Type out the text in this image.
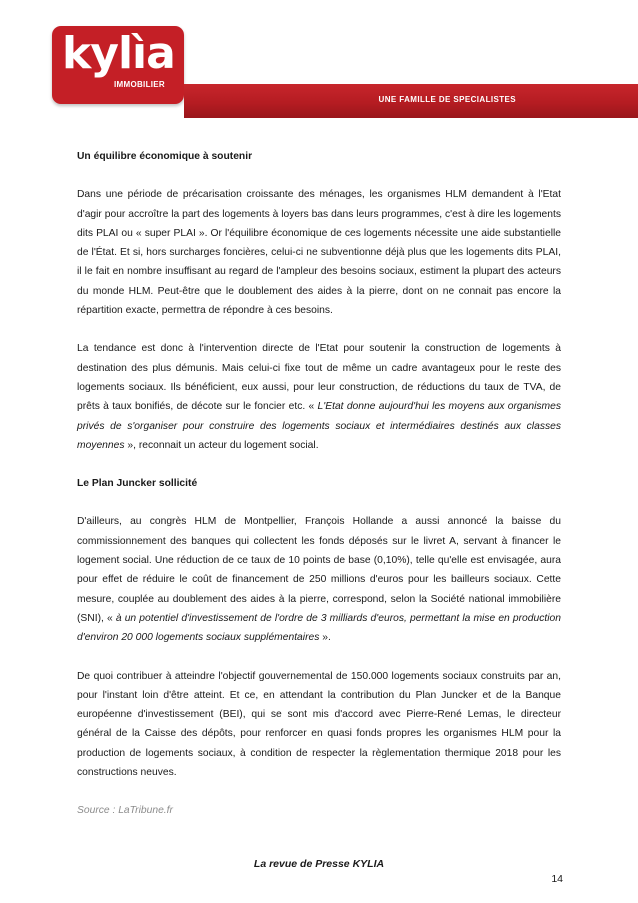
kylìa
IMMOBILIER
UNE FAMILLE DE SPECIALISTES

Un équilibre économique à soutenir

Dans une période de précarisation croissante des ménages, les organismes HLM demandent à l'Etat d'agir pour accroître la part des logements à loyers bas dans leurs programmes, c'est à dire les logements dits PLAI ou « super PLAI ». Or l'équilibre économique de ces logements nécessite une aide substantielle de l'État. Et si, hors surcharges foncières, celui-ci ne subventionne déjà plus que les logements dits PLAI, il le fait en nombre insuffisant au regard de l'ampleur des besoins sociaux, estiment la plupart des acteurs du monde HLM. Peut-être que le doublement des aides à la pierre, dont on ne connait pas encore la répartition exacte, permettra de répondre à ces besoins.

La tendance est donc à l'intervention directe de l'Etat pour soutenir la construction de logements à destination des plus démunis. Mais celui-ci fixe tout de même un cadre avantageux pour le reste des logements sociaux. Ils bénéficient, eux aussi, pour leur construction, de réductions du taux de TVA, de prêts à taux bonifiés, de décote sur le foncier etc. « L'Etat donne aujourd'hui les moyens aux organismes privés de s'organiser pour construire des logements sociaux et intermédiaires destinés aux classes moyennes », reconnait un acteur du logement social.

Le Plan Juncker sollicité

D'ailleurs, au congrès HLM de Montpellier, François Hollande a aussi annoncé la baisse du commissionnement des banques qui collectent les fonds déposés sur le livret A, servant à financer le logement social. Une réduction de ce taux de 10 points de base (0,10%), telle qu'elle est envisagée, aura pour effet de réduire le coût de financement de 250 millions d'euros pour les bailleurs sociaux. Cette mesure, couplée au doublement des aides à la pierre, correspond, selon la Société national immobilière (SNI), « à un potentiel d'investissement de l'ordre de 3 milliards d'euros, permettant la mise en production d'environ 20 000 logements sociaux supplémentaires ».

De quoi contribuer à atteindre l'objectif gouvernemental de 150.000 logements sociaux construits par an, pour l'instant loin d'être atteint. Et ce, en attendant la contribution du Plan Juncker et de la Banque européenne d'investissement (BEI), qui se sont mis d'accord avec Pierre-René Lemas, le directeur général de la Caisse des dépôts, pour renforcer en quasi fonds propres les organismes HLM pour la production de logements sociaux, à condition de respecter la règlementation thermique 2018 pour les constructions neuves.

Source : LaTribune.fr

La revue de Presse KYLIA
14
